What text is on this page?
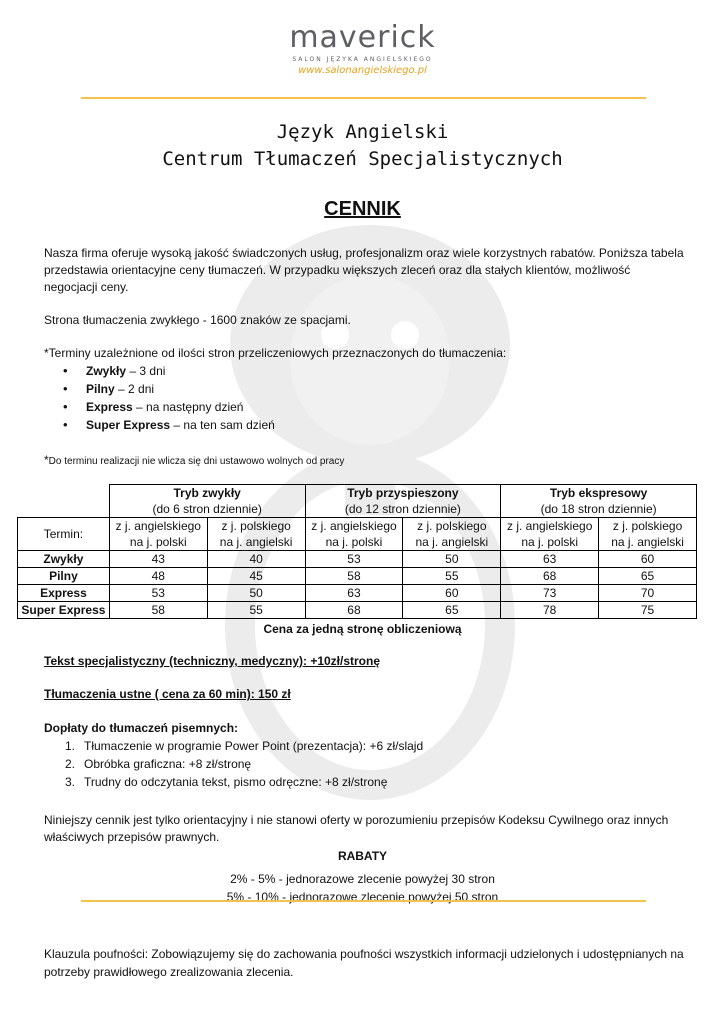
maverick
SALON JĘZYKA ANGIELSKIEGO
www.salonangielskiego.pl
Język Angielski
Centrum Tłumaczeń Specjalistycznych
CENNIK
Nasza firma oferuje wysoką jakość świadczonych usług, profesjonalizm oraz wiele korzystnych rabatów. Poniższa tabela przedstawia orientacyjne ceny tłumaczeń. W przypadku większych zleceń oraz dla stałych klientów, możliwość negocjacji ceny.
Strona tłumaczenia zwykłego - 1600 znaków ze spacjami.
*Terminy uzależnione od ilości stron przeliczeniowych przeznaczonych do tłumaczenia:
• Zwykły – 3 dni
• Pilny – 2 dni
• Express – na następny dzień
• Super Express – na ten sam dzień
*Do terminu realizacji nie wlicza się dni ustawowo wolnych od pracy
	Tryb zwykły
(do 6 stron dziennie)		Tryb przyspieszony
(do 12 stron dziennie)		Tryb ekspresowy
(do 18 stron dziennie)	
Termin:	z j. angielskiego
na j. polski	z j. polskiego
na j. angielski	z j. angielskiego
na j. polski	z j. polskiego
na j. angielski	z j. angielskiego
na j. polski	z j. polskiego
na j. angielski
Zwykły	43	40	53	50	63	60
Pilny	48	45	58	55	68	65
Express	53	50	63	60	73	70
Super Express	58	55	68	65	78	75
Cena za jedną stronę obliczeniową
Tekst specjalistyczny (techniczny, medyczny): +10zł/stronę
Tłumaczenia ustne ( cena za 60 min): 150 zł
Dopłaty do tłumaczeń pisemnych:
1. Tłumaczenie w programie Power Point (prezentacja): +6 zł/slajd
2. Obróbka graficzna: +8 zł/stronę
3. Trudny do odczytania tekst, pismo odręczne: +8 zł/stronę
Niniejszy cennik jest tylko orientacyjny i nie stanowi oferty w porozumieniu przepisów Kodeksu Cywilnego oraz innych właściwych przepisów prawnych.
RABATY
2% - 5% - jednorazowe zlecenie powyżej 30 stron
5% - 10% - jednorazowe zlecenie powyżej 50 stron
Klauzula poufności: Zobowiązujemy się do zachowania poufności wszystkich informacji udzielonych i udostępnianych na potrzeby prawidłowego zrealizowania zlecenia.
